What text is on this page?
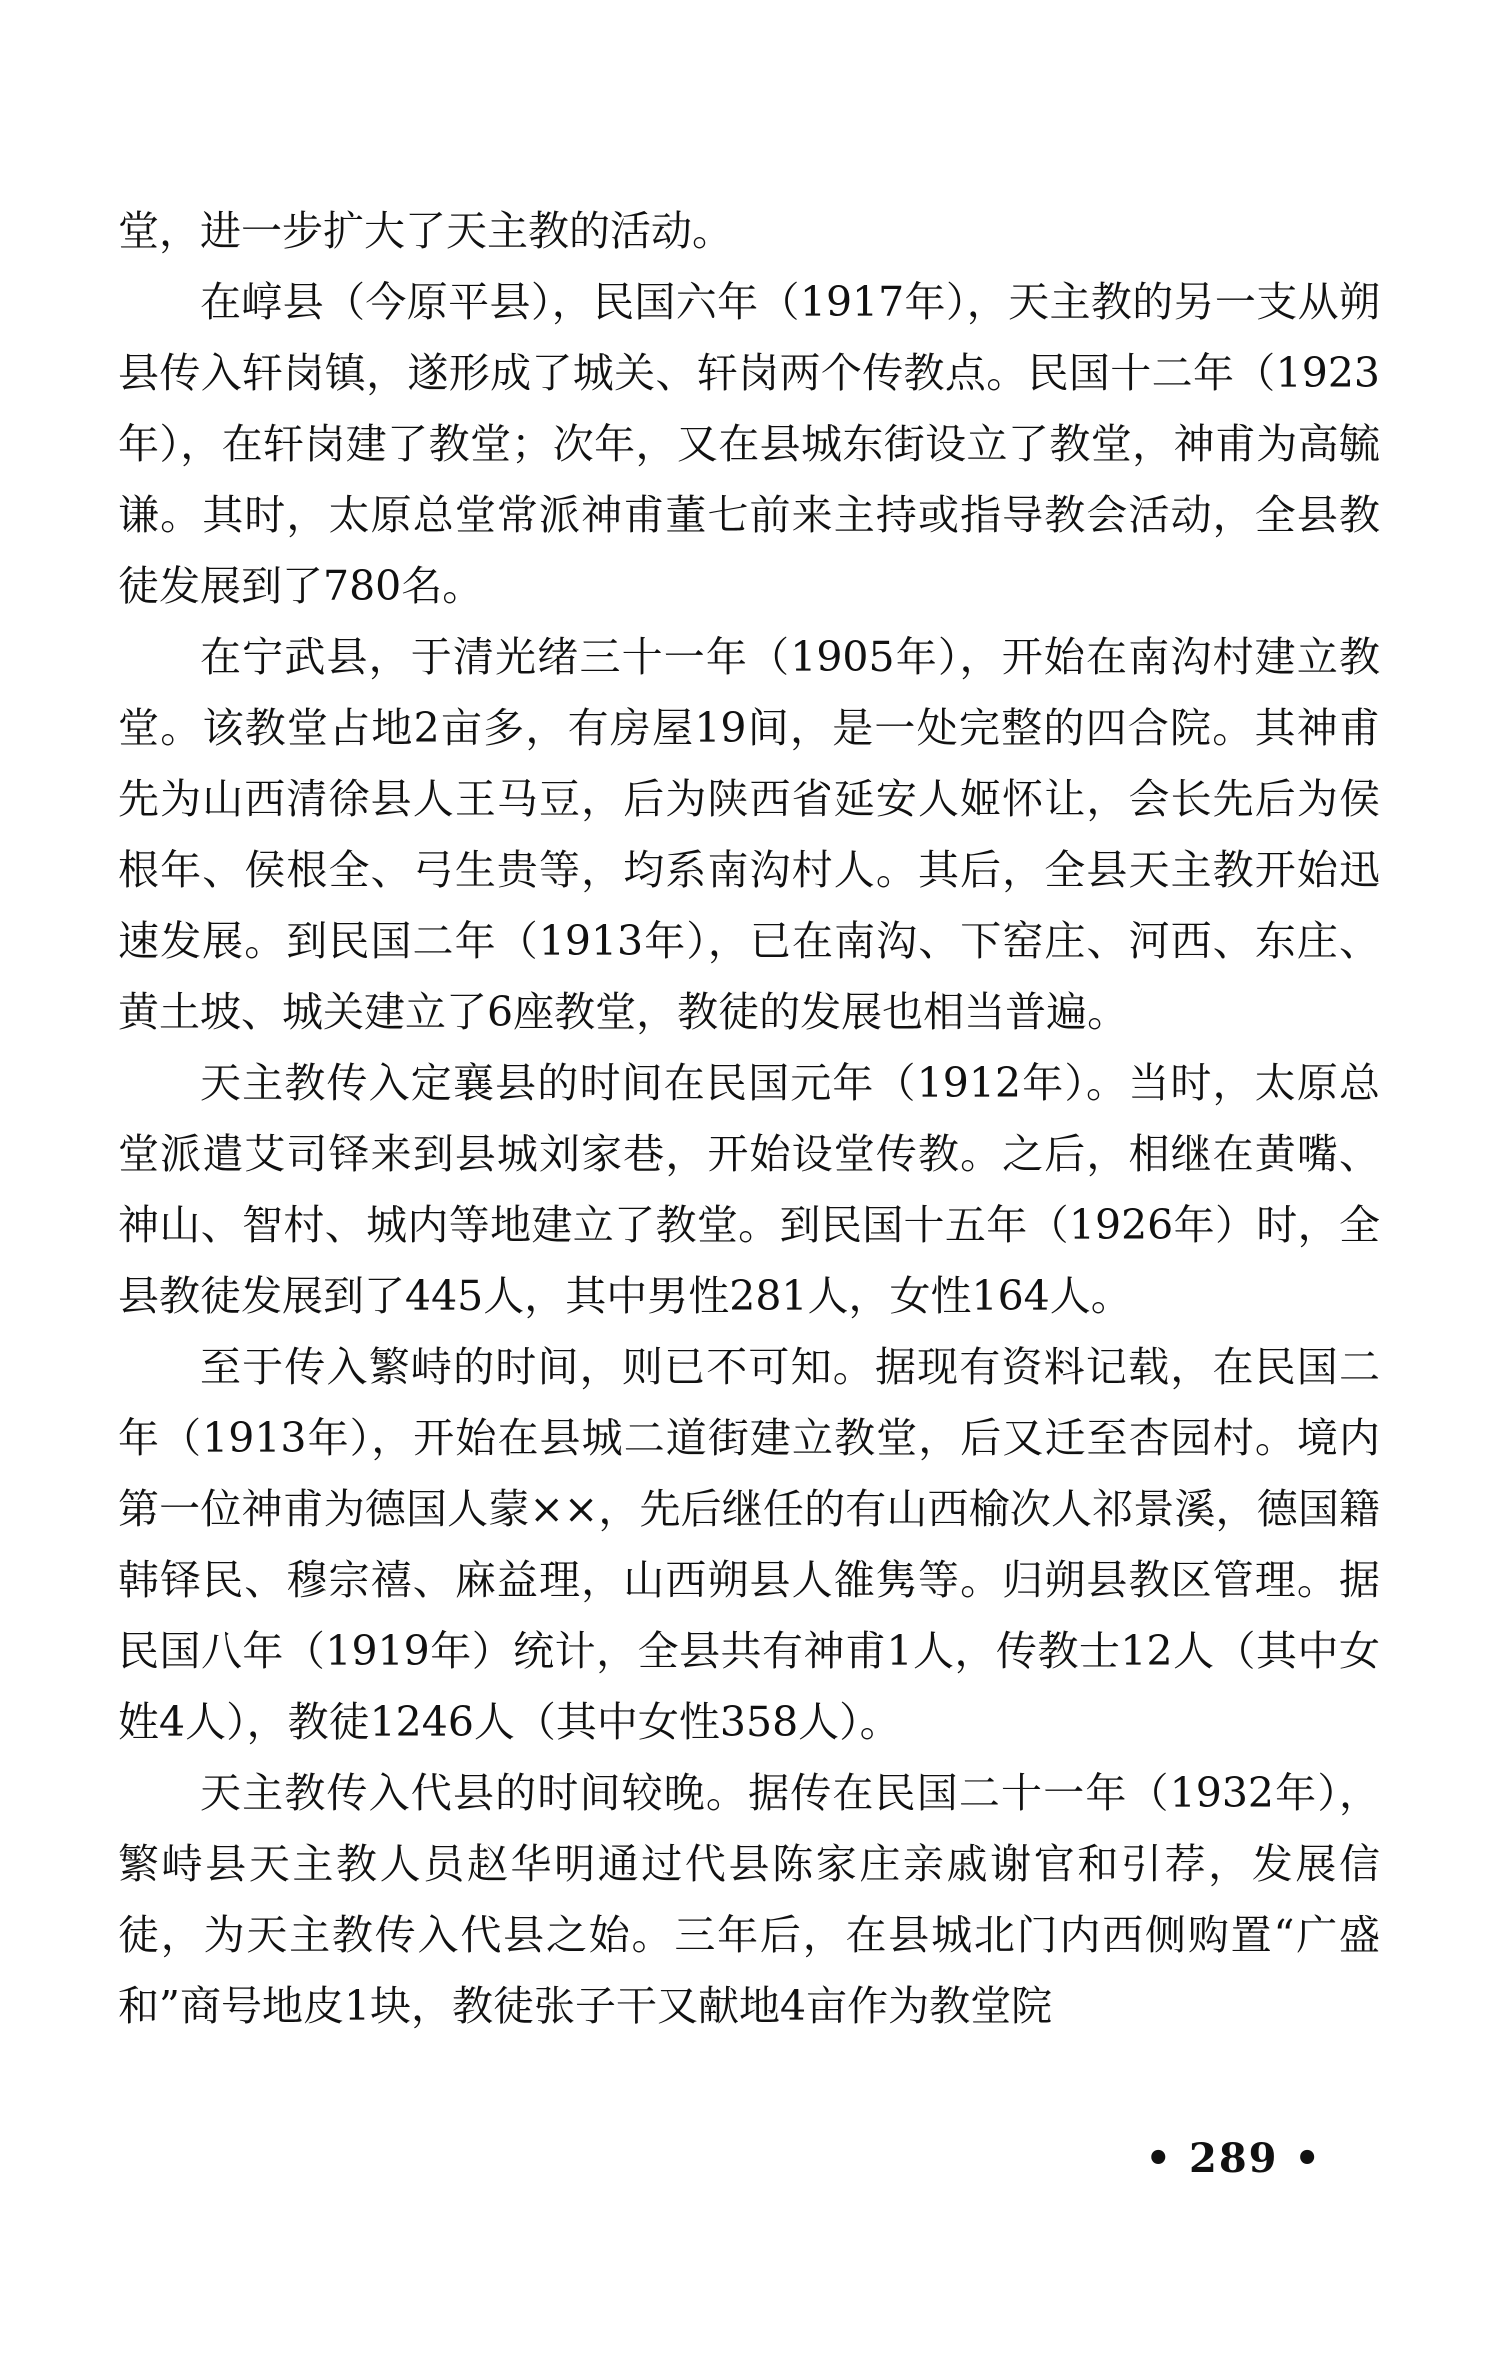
堂，进一步扩大了天主教的活动。

在崞县（今原平县），民国六年（1917年），天主教的另一支从朔县传入轩岗镇，遂形成了城关、轩岗两个传教点。民国十二年（1923年），在轩岗建了教堂；次年，又在县城东街设立了教堂，神甫为高毓谦。其时，太原总堂常派神甫董七前来主持或指导教会活动，全县教徒发展到了780名。

在宁武县，于清光绪三十一年（1905年），开始在南沟村建立教堂。该教堂占地2亩多，有房屋19间，是一处完整的四合院。其神甫先为山西清徐县人王马豆，后为陕西省延安人姬怀让，会长先后为侯根年、侯根全、弓生贵等，均系南沟村人。其后，全县天主教开始迅速发展。到民国二年（1913年），已在南沟、下窑庄、河西、东庄、黄土坡、城关建立了6座教堂，教徒的发展也相当普遍。

天主教传入定襄县的时间在民国元年（1912年）。当时，太原总堂派遣艾司铎来到县城刘家巷，开始设堂传教。之后，相继在黄嘴、神山、智村、城内等地建立了教堂。到民国十五年（1926年）时，全县教徒发展到了445人，其中男性281人，女性164人。

至于传入繁峙的时间，则已不可知。据现有资料记载，在民国二年（1913年），开始在县城二道街建立教堂，后又迁至杏园村。境内第一位神甫为德国人蒙××，先后继任的有山西榆次人祁景溪，德国籍韩铎民、穆宗禧、麻益理，山西朔县人雒隽等。归朔县教区管理。据民国八年（1919年）统计，全县共有神甫1人，传教士12人（其中女姓4人），教徒1246人（其中女性358人）。

天主教传入代县的时间较晚。据传在民国二十一年（1932年），繁峙县天主教人员赵华明通过代县陈家庄亲戚谢官和引荐，发展信徒，为天主教传入代县之始。三年后，在县城北门内西侧购置“广盛和”商号地皮1块，教徒张子干又献地4亩作为教堂院

• 289 •
